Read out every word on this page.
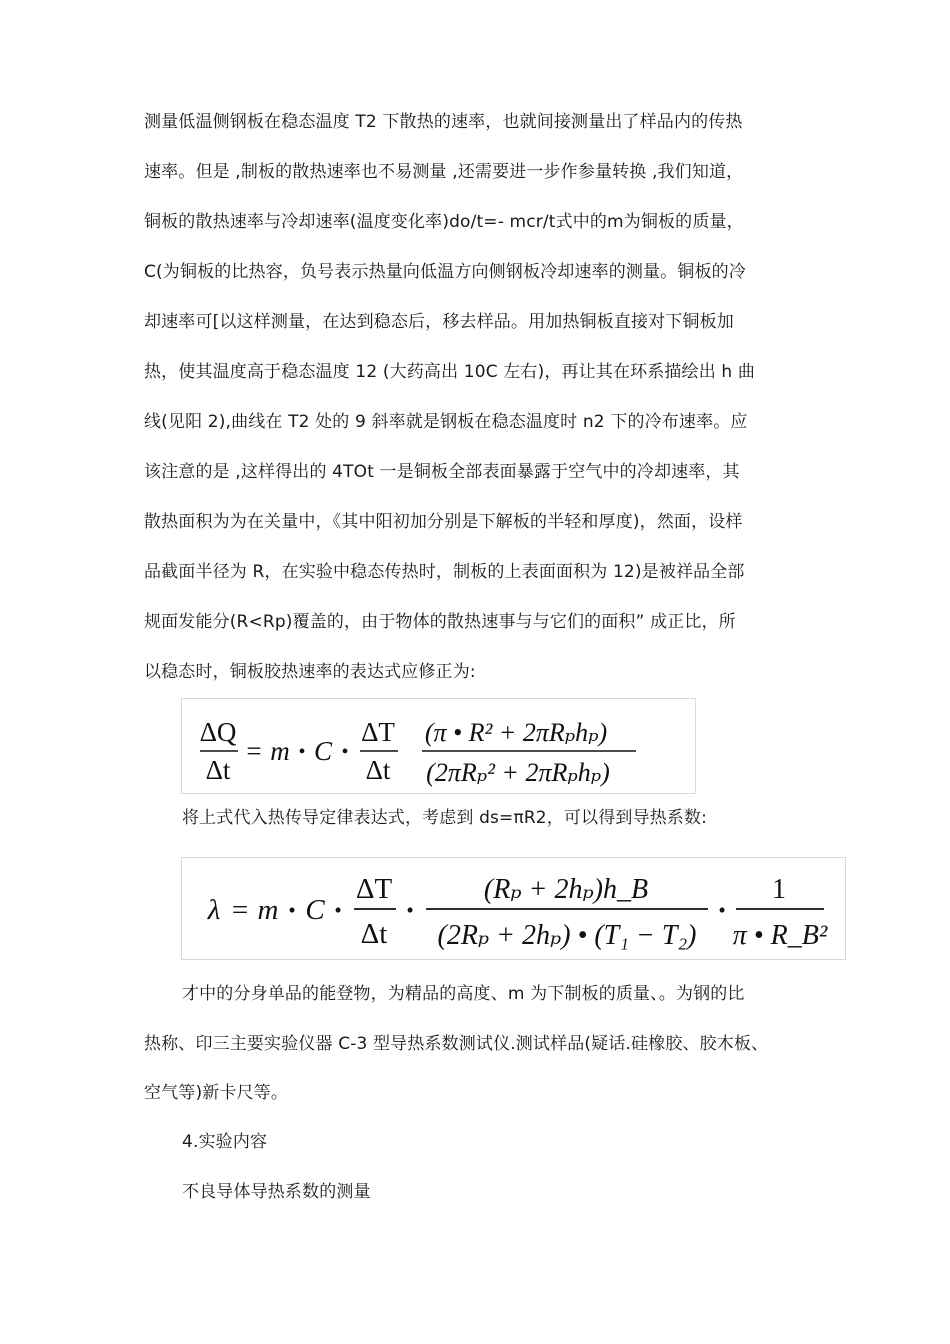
测量低温侧钢板在稳态温度 T2 下散热的速率，也就间接测量出了样品内的传热
速率。但是 ,制板的散热速率也不易测量 ,还需要进一步作参量转换 ,我们知道，
铜板的散热速率与冷却速率(温度变化率)do/t=- mcr/t式中的m为铜板的质量，
C(为铜板的比热容，负号表示热量向低温方向侧钢板冷却速率的测量。铜板的冷
却速率可[以这样测量，在达到稳态后，移去样品。用加热铜板直接对下铜板加
热，使其温度高于稳态温度 12 (大药高出 10C 左右)，再让其在环系描绘出 h 曲
线(见阳 2),曲线在 T2 处的 9 斜率就是钢板在稳态温度时 n2 下的冷布速率。应
该注意的是 ,这样得出的 4TOt 一是铜板全部表面暴露于空气中的冷却速率，其
散热面积为为在关量中，《其中阳初加分别是下解板的半轻和厚度)，然面，设样
品截面半径为 R，在实验中稳态传热时，制板的上表面面积为 12)是被祥品全部
规面发能分(R<Rp)覆盖的，由于物体的散热速事与与它们的面积” 成正比，所
以稳态时，铜板胶热速率的表达式应修正为:
ΔQ
Δt
= m • C •
ΔT
Δt
(π • R² + 2πRₚhₚ)
(2πRₚ² + 2πRₚhₚ)
将上式代入热传导定律表达式，考虑到 ds=πR2，可以得到导热系数:
λ = m • C •
ΔT
Δt
•
(Rₚ + 2hₚ)h_B
(2Rₚ + 2hₚ) • (T₁ − T₂)
•
1
π • R_B²
才中的分身单品的能登物，为精品的高度、m 为下制板的质量、。为钢的比
热称、印三主要实验仪器 C-3 型导热系数测试仪.测试样品(疑话.硅橡胶、胶木板、
空气等)新卡尺等。
4.实验内容
不良导体导热系数的测量
